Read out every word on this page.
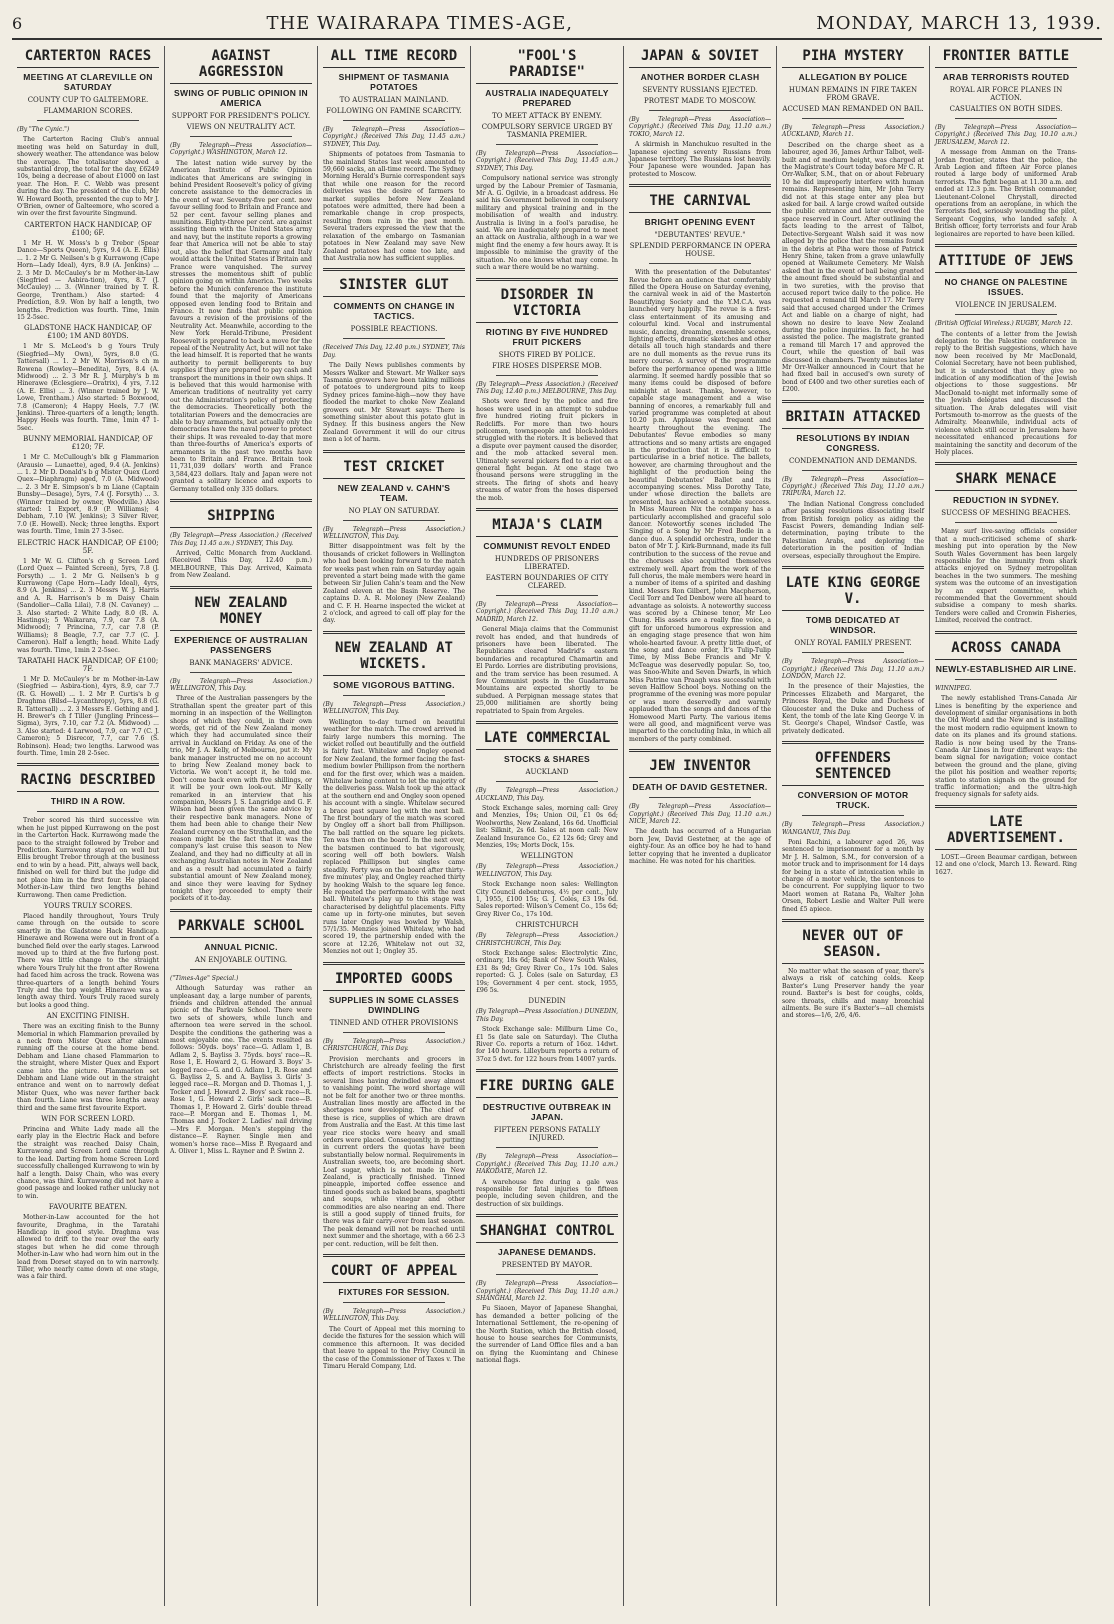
6	THE WAIRARAPA TIMES-AGE,	MONDAY, MARCH 13, 1939.
CARTERTON RACES
MEETING AT CLAREVILLE ON SATURDAY
COUNTY CUP TO GALTEEMORE.
FLAMMARION SCORES.
(By "The Cynic.")

The Carterton Racing Club's annual meeting was held on Saturday in dull, showery weather. The attendance was below the average. The totalisator showed a substantial drop, the total for the day, £6249 10s, being a decrease of about £1000 on last year. The Hon. F. C. Webb was present during the day. The president of the club, Mr W. Howard Booth, presented the cup to Mr J. O'Brien, owner of Galteemore, who scored a win over the first favourite Singmund.

CARTERTON HACK HANDICAP, OF £100; 6F.

1 Mr H. W. Moss's b g Trebor (Spear Dance—Sports Queen), 5yrs, 9.4 (A. E. Ellis) ... 1. 2 Mr G. Neilsen's b g Kurrawong (Cape Horn—Lady Ideal), 4yrs, 8.9 (A. Jenkins) ... 2. 3 Mr D. McCauley's br m Mother-in-Law (Siegfried — Asbira-tion), 4yrs, 8.7 (J. McCauley) ... 3. (Winner trained by T. R. George, Trentham.) Also started: 4 Prediction, 8.9. Won by half a length, two lengths. Prediction was fourth. Time, 1min 15 2-5sec.

GLADSTONE HACK HANDICAP, OF £100; 1M AND 80YDS.

1 Mr S. McLeod's b g Yours Truly (Siegfried—My Own), 5yrs, 8.0 (G. Tattersall) ... 1. 2 Mr W. Morrison's ch m Rowena (Rowley—Benedita), 5yrs, 8.4 (A. Midwood) ... 2. 3 Mr R. J. Murphy's b m Hinerawe (Eclesgiere—Oratrix), 4 yrs, 7.12 (A. E. Ellis) ... 3. (Winner trained by J. W. Lowe, Trentham.) Also started: 5 Boxwood, 7.8 (Cameron); 4 Happy Heels, 7.7 (W. Jenkins). Three-quarters of a length; length. Happy Heels was fourth. Time, 1min 47 1-5sec.

BUNNY MEMORIAL HANDICAP, OF £120; 7F.

1 Mr C. McCullough's blk g Flammarion (Arausio — Lunaette), aged, 9.4 (A. Jenkins) ... 1. 2 Mr D. Donald's b g Mister Quex (Lord Quex—Diaphragm) aged, 7.0 (A. Midwood) ... 2. 3 Mr E. Simpson's b m Liane (Captain Bunsby—Desage), 5yrs, 7.4 (J. Forsyth) ... 3. (Winner trained by owner, Woodville.) Also started: 1 Export, 8.9 (P. Williams); 4 Debham, 7.10 (W. Jenkins); 3 Silver River, 7.0 (E. Howell). Neck; three lengths. Export was fourth. Time, 1min 27 3-5sec.

ELECTRIC HACK HANDICAP, OF £100; 5F.

1 Mr W. G. Clifton's ch g Screen Lord (Lord Quex — Painted Screen), 5yrs, 7.8 (J. Forsyth) ... 1. 2 Mr G. Neilsen's b g Kurrawong (Cape Horn—Lady Ideal), 4yrs, 8.9 (A. Jenkins) ... 2. 3 Messrs W. J. Harris and A. R. Harrison's b m Daisy Chain (Sandolier—Calla Lilai), 7.8 (N. Cavaney) ... 3. Also started: 2 White Lady, 8.0 (R. A. Hastings); 5 Waikarara, 7.9, car 7.8 (A. Midwood); 7 Princina, 7.7, car 7.8 (P. Williams); 8 Beagle, 7.7, car 7.7 (C. J. Cameron). Half a length; head. White Lady was fourth. Time, 1min 2 2-5sec.

TARATAHI HACK HANDICAP, OF £100; 7F.

1 Mr D. McCauley's br m Mother-in-Law (Siegfried — Asbira-tion), 4yrs, 8.9, car 7.7 (R. G. Howell) ... 1. 2 Mr P. Curtis's b g Draghma (Bilsd—Lycanthropy), 5yrs, 8.8 (G. R. Tattersall) ... 2. 3 Messrs E. Gething and J. H. Brewer's ch f Tiller (Jungling Princess—Sigma), 3yrs, 7.10, car 7.2 (A. Midwood) ... 3. Also started: 4 Larwood, 7.9, car 7.7 (C. J. Cameron); 5 Disrecor, 7.7, car 7.6 (S. Robinson). Head; two lengths. Larwood was fourth. Time, 1min 28 2-5sec.

RACING DESCRIBED
THIRD IN A ROW.

Trebor scored his third successive win when he just pipped Kurrawong on the post in the Carterton Hack. Kurrawong made the pace to the straight followed by Trebor and Prediction. Kurrawong stayed on well but Ellis brought Trebor through at the business end to win by a head. Pitt, always well back, finished on well for third but the judge did not place him in the first four. He placed Mother-in-Law third two lengths behind Kurrawong. Then came Prediction.

YOURS TRULY SCORES.

Placed handily throughout, Yours Truly came through on the outside to score smartly in the Gladstone Hack Handicap. Hinerawe and Rowena were out in front of a bunched field over the early stages. Larwood moved up to third at the five furlong post. There was little change to the straight where Yours Truly hit the front after Rowena had faced him across the track. Rowena was three-quarters of a length behind Yours Truly and the top weight Hinerawe was a length away third. Yours Truly raced surely but looks a good thing.

AN EXCITING FINISH.

There was an exciting finish to the Bunny Memorial in which Flammarion prevailed by a neck from Mister Quex after almost running off the course at the home bend. Debham and Liane chased Flammarion to the straight, where Mister Quex and Export came into the picture. Flammarion set Debham and Liane wide out in the straight entrance and went on to narrowly defeat Mister Quex, who was never farther back than fourth. Liane was three lengths away third and the same first favourite Export.

WIN FOR SCREEN LORD.

Princina and White Lady made all the early play in the Electric Hack and before the straight was reached Daisy Chain, Kurrawong and Screen Lord came through to the lead. Darting from home Screen Lord successfully challenged Kurrawong to win by half a length. Daisy Chain, who was every chance, was third. Kurrawong did not have a good passage and looked rather unlucky not to win.

FAVOURITE BEATEN.

Mother-in-Law accounted for the hot favourite, Draghma, in the Taratahi Handicap in good style. Draghma was allowed to drift to the rear over the early stages but when he did come through Mother-in-Law who had worn him out in the lead from Dorset stayed on to win narrowly. Tiller, who nearly came down at one stage, was a fair third.

AGAINST AGGRESSION
SWING OF PUBLIC OPINION IN AMERICA
SUPPORT FOR PRESIDENT'S POLICY.
VIEWS ON NEUTRALITY ACT.
(By Telegraph—Press Association—Copyright.) WASHINGTON, March 12.

The latest nation wide survey by the American Institute of Public Opinion indicates that Americans are swinging in behind President Roosevelt's policy of giving concrete assistance to the democracies in the event of war. Seventy-five per cent. now favour selling food to Britain and France and 52 per cent. favour selling planes and munitions. Eighty-three per cent. are against assisting them with the United States army and navy, but the institute reports a growing fear that America will not be able to stay out, also the belief that Germany and Italy would attack the United States if Britain and France were vanquished. The survey stresses the momentous shift of public opinion going on within America. Two weeks before the Munich conference the institute found that the majority of Americans opposed even lending food to Britain and France. It now finds that public opinion favours a revision of the provisions of the Neutrality Act. Meanwhile, according to the New York Herald-Tribune, President Roosevelt is prepared to back a move for the repeal of the Neutrality Act, but will not take the lead himself. It is reported that he wants authority to permit belligerents to buy supplies if they are prepared to pay cash and transport the munitions in their own ships. It is believed that this would harmonise with American traditions of neutrality yet carry out the Administration's policy of protecting the democracies. Theoretically both the totalitarian Powers and the democracies are able to buy armaments, but actually only the democracies have the naval power to protect their ships. It was revealed to-day that more than three-fourths of America's exports of armaments in the past two months have been to Britain and France. Britain took 11,731,039 dollars' worth and France 3,584,423 dollars. Italy and Japan were not granted a solitary licence and exports to Germany totalled only 335 dollars.

SHIPPING
(By Telegraph—Press Association.) (Received This Day, 11.45 a.m.) SYDNEY, This Day.

Arrived, Celtic Monarch from Auckland. (Received This Day, 12.40 p.m.) MELBOURNE, This Day. Arrived, Kaimata from New Zealand.

NEW ZEALAND MONEY
EXPERIENCE OF AUSTRALIAN PASSENGERS
BANK MANAGERS' ADVICE.
(By Telegraph—Press Association.) WELLINGTON, This Day.

Three of the Australian passengers by the Strathallan spent the greater part of this morning in an inspection of the Wellington shops of which they could, in their own words, get rid of the New Zealand money which they had accumulated since their arrival in Auckland on Friday. As one of the trio, Mr J. A. Kelly, of Melbourne, put it: My bank manager instructed me on no account to bring New Zealand money back to Victoria. We won't accept it, he told me. Don't come back even with five shillings, or it will be your own look-out. Mr Kelly remarked in an interview that his companion, Messrs J. S. Langridge and G. F. Wilson had been given the same advice by their respective bank managers. None of them had been able to change their New Zealand currency on the Strathallan, and the reason might be the fact that it was the company's last cruise this season to New Zealand, and they had no difficulty at all in exchanging Australian notes in New Zealand and as a result had accumulated a fairly substantial amount of New Zealand money, and since they were leaving for Sydney tonight they proceeded to empty their pockets of it to-day.

PARKVALE SCHOOL
ANNUAL PICNIC.
AN ENJOYABLE OUTING.
("Times-Age" Special.)

Although Saturday was rather an unpleasant day, a large number of parents, friends and children attended the annual picnic of the Parkvale School. There were two sets of showers, while lunch and afternoon tea were served in the school. Despite the conditions the gathering was a most enjoyable one. The events resulted as follows: 50yds. boys' race—G. Adlam 1, B. Adlam 2, S. Bayliss 3. 75yds. boys' race—R. Rose 1, E. Howard 2, G. Howard 3. Boys' 3-legged race—G. and G. Adlam 1, R. Rose and G. Bayliss 2, S. and A. Bayliss 3. Girls' 3-legged race—R. Morgan and D. Thomas 1, J. Tocker and J. Howard 2. Boys' sack race—R. Rose 1, G. Howard 2. Girls' sack race—B. Thomas 1, P. Howard 2. Girls' double thread race—P. Morgan and E. Thomas 1, M. Thomas and J. Tocker 2. Ladies' nail driving—Mrs F. Morgan. Men's stepping the distance—F. Rayner. Single men and women's horse race—Miss P. Ryegaard and A. Oliver 1, Miss L. Rayner and P. Swinn 2.

ALL TIME RECORD
SHIPMENT OF TASMANIA POTATOES
TO AUSTRALIAN MAINLAND.
FOLLOWING ON FAMINE SCARCITY.
(By Telegraph—Press Association—Copyright.) (Received This Day, 11.45 a.m.) SYDNEY, This Day.

Shipments of potatoes from Tasmania to the mainland States last week amounted to 59,660 sacks, an all-time record. The Sydney Morning Herald's Burnie correspondent says that while one reason for the record deliveries was the desire of farmers to market supplies before New Zealand potatoes were admitted, there had been a remarkable change in crop prospects, resulting from rain in the past month. Several traders expressed the view that the relaxation of the embargo on Tasmanian potatoes in New Zealand may save New Zealand potatoes had come too late, and that Australia now has sufficient supplies.

SINISTER GLUT
COMMENTS ON CHANGE IN TACTICS.
POSSIBLE REACTIONS.
(Received This Day, 12.40 p.m.) SYDNEY, This Day.

The Daily News publishes comments by Messrs Walker and Stewart. Mr Walker says Tasmania growers have been taking millions of potatoes to underground pits to keep Sydney prices famine-high—now they have flooded the market to choke New Zealand growers out. Mr Stewart says: There is something sinister about this potato glut in Sydney. If this business angers the New Zealand Government it will do our citrus men a lot of harm.

TEST CRICKET
NEW ZEALAND v. CAHN'S TEAM.
NO PLAY ON SATURDAY.
(By Telegraph—Press Association.) WELLINGTON, This Day.

Bitter disappointment was felt by the thousands of cricket followers in Wellington who had been looking forward to the match for weeks past when rain on Saturday again prevented a start being made with the game between Sir Julien Cahn's team and the New Zealand eleven at the Basin Reserve. The captains D. A. R. Moloney (New Zealand) and C. F. H. Hearne inspected the wicket at 2 o'clock, and agreed to call off play for the day.

NEW ZEALAND AT WICKETS.
SOME VIGOROUS BATTING.
(By Telegraph—Press Association.) WELLINGTON, This Day.

Wellington to-day turned on beautiful weather for the match. The crowd arrived in fairly large numbers this morning. The wicket rolled out beautifully and the outfield is fairly fast. Whitelaw and Ongley opened for New Zealand, the former facing the fast-medium bowler Phillipson from the northern end for the first over, which was a maiden. Whitelaw being content to let the majority of the deliveries pass. Walsh took up the attack at the southern end and Ongley soon opened his account with a single. Whitelaw secured a brace past square leg with the next ball. The first boundary of the match was scored by Ongley off a short ball from Phillipson. The ball rattled on the square leg pickets. Ten was then on the board. In the next over, the batsmen continued to bat vigorously, scoring well off both bowlers. Walsh replaced Phillipson but singles came steadily. Forty was on the board after thirty-five minutes' play, and Ongley reached thirty by hooking Walsh to the square leg fence. He repeated the performance with the next ball. Whitelaw's play up to this stage was characterised by delightful placements. Fifty came up in forty-one minutes, but seven runs later Ongley was bowled by Walsh, 57/1/35. Menzies joined Whitelaw, who had scored 19, the partnership ended with the score at 12.26, Whitelaw not out 32, Menzies not out 1; Ongley 35.

IMPORTED GOODS
SUPPLIES IN SOME CLASSES DWINDLING
TINNED AND OTHER PROVISIONS
(By Telegraph—Press Association.) CHRISTCHURCH, This Day.

Provision merchants and grocers in Christchurch are already feeling the first effects of import restrictions. Stocks in several lines having dwindled away almost to vanishing point. The word shortage will not be felt for another two or three months. Australian lines mostly are affected in the shortages now developing. The chief of these is rice, supplies of which are drawn from Australia and the East. At this time last year rice stocks were heavy and small orders were placed. Consequently, in putting in current orders the quotas have been substantially below normal. Requirements in Australian sweets, too, are becoming short. Loaf sugar, which is not made in New Zealand, is practically finished. Tinned pineapple, imported coffee essence and tinned goods such as baked beans, spaghetti and soups, while vinegar and other commodities are also nearing an end. There is still a good supply of tinned fruits, for there was a fair carry-over from last season. The peak demand will not be reached until next summer and the shortage, with a 66 2-3 per cent. reduction, will be felt then.

COURT OF APPEAL
FIXTURES FOR SESSION.
(By Telegraph—Press Association.) WELLINGTON, This Day.

The Court of Appeal met this morning to decide the fixtures for the session which will commence this afternoon. It was decided that leave to appeal to the Privy Council in the case of the Commissioner of Taxes v. The Timaru Herald Company, Ltd.

"FOOL'S PARADISE"
AUSTRALIA INADEQUATELY PREPARED
TO MEET ATTACK BY ENEMY.
COMPULSORY SERVICE URGED BY TASMANIA PREMIER.
(By Telegraph—Press Association—Copyright.) (Received This Day, 11.45 a.m.) SYDNEY, This Day.

Compulsory national service was strongly urged by the Labour Premier of Tasmania, Mr A. G. Ogilvie, in a broadcast address. He said his Government believed in compulsory military and physical training and in the mobilisation of wealth and industry. Australia is living in a fool's paradise, he said. We are inadequately prepared to meet an attack on Australia, although in a war we might find the enemy a few hours away. It is impossible to minimise the gravity of the situation. No one knows what may come. In such a war there would be no warning.

DISORDER IN VICTORIA
RIOTING BY FIVE HUNDRED FRUIT PICKERS
SHOTS FIRED BY POLICE.
FIRE HOSES DISPERSE MOB.
(By Telegraph—Press Association.) (Received This Day, 12.40 p.m.) MELBOURNE, This Day.

Shots were fired by the police and fire hoses were used in an attempt to subdue five hundred rioting fruit pickers in Redcliffs. For more than two hours policemen, townspeople and block-holders struggled with the rioters. It is believed that a dispute over payment caused the disorder, and the mob attacked several men. Ultimately several pickers fled to a riot on a general fight began. At one stage two thousand persons were struggling in the streets. The firing of shots and heavy streams of water from the hoses dispersed the mob.

MIAJA'S CLAIM
COMMUNIST REVOLT ENDED
HUNDREDS OF PRISONERS LIBERATED.
EASTERN BOUNDARIES OF CITY CLEARED.
(By Telegraph—Press Association—Copyright.) (Received This Day, 11.10 a.m.) MADRID, March 12.

General Miaja claims that the Communist revolt has ended, and that hundreds of prisoners have been liberated. The Republicans cleared Madrid's eastern boundaries and recaptured Chamartin and El Pardo. Lorries are distributing provisions, and the tram service has been resumed. A few Communist posts in the Guadarrama Mountains are expected shortly to be subdued. A Perpignan message states that 25,000 militiamen are shortly being repatriated to Spain from Argeles.

LATE COMMERCIAL
STOCKS & SHARES
AUCKLAND
(By Telegraph—Press Association.) AUCKLAND, This Day.

Stock Exchange sales, morning call: Grey and Menzies, 19s; Union Oil, £1 0s 6d; Woolworths, New Zealand, 16s 6d. Unofficial list: Silknit, 2s 6d. Sales at noon call: New Zealand Insurance Co., £2 12s 6d; Grey and Menzies, 19s; Morts Dock, 15s.

WELLINGTON
(By Telegraph—Press Association.) WELLINGTON, This Day.

Stock Exchange noon sales: Wellington City Council debentures, 4½ per cent., July 1, 1955, £100 15s; G. J. Coles, £3 19s 6d. Sales reported: Wilson's Cement Co., 15s 6d; Grey River Co., 17s 10d.

CHRISTCHURCH
(By Telegraph—Press Association.) CHRISTCHURCH, This Day.

Stock Exchange sales: Electrolytic Zinc, ordinary, 18s 6d; Bank of New South Wales, £31 8s 9d; Grey River Co., 17s 10d. Sales reported: G. J. Coles (sale on Saturday, £3 19s; Government 4 per cent. stock, 1955, £96 5s.

DUNEDIN
(By Telegraph—Press Association.) DUNEDIN, This Day.

Stock Exchange sale: Millburn Lime Co., £1 5s (late sale on Saturday). The Clutha River Co. reports a return of 16oz. 14dwt. for 140 hours. Lilleyburn reports a return of 37oz 5 dwt. for 122 hours from 14007 yards.

FIRE DURING GALE
DESTRUCTIVE OUTBREAK IN JAPAN.
FIFTEEN PERSONS FATALLY INJURED.
(By Telegraph—Press Association—Copyright.) (Received This Day, 11.10 a.m.) HAKODATE, March 12.

A warehouse fire during a gale was responsible for fatal injuries to fifteen people, including seven children, and the destruction of six buildings.

SHANGHAI CONTROL
JAPANESE DEMANDS.
PRESENTED BY MAYOR.
(By Telegraph—Press Association—Copyright.) (Received This Day, 11.10 a.m.) SHANGHAI, March 12.

Fu Siaoen, Mayor of Japanese Shanghai, has demanded a better policing of the International Settlement, the re-opening of the North Station, which the British closed, house to house searches for Communists, the surrender of Land Office files and a ban on flying the Kuomintang and Chinese national flags.

JAPAN & SOVIET
ANOTHER BORDER CLASH
SEVENTY RUSSIANS EJECTED.
PROTEST MADE TO MOSCOW.
(By Telegraph—Press Association—Copyright.) (Received This Day, 11.10 a.m.) TOKIO, March 12.

A skirmish in Manchukuo resulted in the Japanese ejecting seventy Russians from Japanese territory. The Russians lost heavily. Four Japanese were wounded. Japan has protested to Moscow.

THE CARNIVAL
BRIGHT OPENING EVENT
"DEBUTANTES' REVUE."
SPLENDID PERFORMANCE IN OPERA HOUSE.

With the presentation of the Debutantes' Revue before an audience that comfortably filled the Opera House on Saturday evening, the carnival week in aid of the Masterton Beautifying Society and the Y.M.C.A. was launched very happily. The revue is a first-class entertainment of its amusing and colourful kind. Vocal and instrumental music, dancing, dreaming, ensemble scenes, lighting effects, dramatic sketches and other details all touch high standards and there are no dull moments as the revue runs its merry course. A survey of the programme before the performance opened was a little alarming. It seemed hardly possible that so many items could be disposed of before midnight at least. Thanks, however, to capable stage management and a wise banning of encores, a remarkably full and varied programme was completed at about 10.20 p.m. Applause was frequent and hearty throughout the evening. The Debutantes' Revue embodies so many attractions and so many artists are engaged in the production that it is difficult to particularise in a brief notice. The ballets, however, are charming throughout and the highlight of the production being the beautiful Debutantes' Ballet and its accompanying scenes. Miss Dorothy Tate, under whose direction the ballets are presented, has achieved a notable success. In Miss Maureen Nix the company has a particularly accomplished and graceful solo dancer. Noteworthy scenes included The Singing of a Song by Mr Fred Bodle in a dance duo. A splendid orchestra, under the baton of Mr T. J. Kirk-Burnnand, made its full contribution to the success of the revue and the choruses also acquitted themselves extremely well. Apart from the work of the full chorus, the male members were heard in a number of items of a spirited and dashing kind. Messrs Ron Gilbert, John Macpherson, Cecil Torr and Ted Denbow were all heard to advantage as soloists. A noteworthy success was scored by a Chinese tenor, Mr Leo Chung. His assets are a really fine voice, a gift for unforced humorous expression and an engaging stage presence that won him whole-hearted favour. A pretty little duet, of the song and dance order, It's Tulip-Tulip Time, by Miss Bebe Francis and Mr V. McTeague was deservedly popular. So, too, was Snoo-White and Seven Dwarfs, in which Miss Patrine van Praagh was successful with seven Halflow School boys. Nothing on the programme of the evening was more popular or was more deservedly and warmly applauded than the songs and dances of the Homewood Marti Party. The various items were all good, and magnificent verve was imparted to the concluding Inka, in which all members of the party combined.

JEW INVENTOR
DEATH OF DAVID GESTETNER.
(By Telegraph—Press Association—Copyright.) (Received This Day, 11.10 a.m.) NICE, March 12.

The death has occurred of a Hungarian born Jew, David Gestetner, at the age of eighty-four. As an office boy he had to hand letter copying that he invented a duplicator machine. He was noted for his charities.

PIHA MYSTERY
ALLEGATION BY POLICE
HUMAN REMAINS IN FIRE TAKEN FROM GRAVE.
ACCUSED MAN REMANDED ON BAIL.
(By Telegraph—Press Association.) AUCKLAND, March 11.

Described on the charge sheet as a labourer, aged 36, James Arthur Talbot, well-built and of medium height, was charged at the Magistrate's Court today before Mr C. R. Orr-Walker, S.M., that on or about February 10 he did improperly interfere with human remains. Representing him, Mr John Terry did not at this stage enter any plea but asked for bail. A large crowd waited outside the public entrance and later crowded the space reserved in Court. After outlining the facts leading to the arrest of Talbot, Detective-Sergeant Walsh said it was now alleged by the police that the remains found in the debris at Piha were those of Patrick Henry Shine, taken from a grave unlawfully opened at Waikumete Cemetery. Mr Walsh asked that in the event of bail being granted the amount fixed should be substantial and in two sureties, with the proviso that accused report twice daily to the police. He requested a remand till March 17. Mr Terry said that accused charged under the Crimes Act and liable on a charge of night, had shown no desire to leave New Zealand during the police inquiries. In fact, he had assisted the police. The magistrate granted a remand till March 17 and approved the Court, while the question of bail was discussed in chambers. Twenty minutes later Mr Orr-Walker announced in Court that he had fixed bail in accused's own surety of bond of £400 and two other sureties each of £200.

BRITAIN ATTACKED
RESOLUTIONS BY INDIAN CONGRESS.
CONDEMNATION AND DEMANDS.
(By Telegraph—Press Association—Copyright.) (Received This Day, 11.10 a.m.) TRIPURA, March 12.

The Indian National Congress concluded after passing resolutions dissociating itself from British foreign policy as aiding the Fascist Powers, demanding Indian self-determination, paying tribute to the Palestinian Arabs, and deploring the deterioration in the position of Indian overseas, especially throughout the Empire.

LATE KING GEORGE V.
TOMB DEDICATED AT WINDSOR.
ONLY ROYAL FAMILY PRESENT.
(By Telegraph—Press Association—Copyright.) (Received This Day, 11.10 a.m.) LONDON, March 12.

In the presence of their Majesties, the Princesses Elizabeth and Margaret, the Princess Royal, the Duke and Duchess of Gloucester and the Duke and Duchess of Kent, the tomb of the late King George V. in St. George's Chapel, Windsor Castle, was privately dedicated.

OFFENDERS SENTENCED
CONVERSION OF MOTOR TRUCK.
(By Telegraph—Press Association.) WANGANUI, This Day.

Poni Rachini, a labourer aged 26, was sentenced to imprisonment for a month by Mr J. H. Salmon, S.M., for conversion of a motor truck and to imprisonment for 14 days for being in a state of intoxication while in charge of a motor vehicle, the sentences to be concurrent. For supplying liquor to two Maori women at Ratana Pa, Walter John Orsen, Robert Leslie and Walter Pull were fined £5 apiece.

NEVER OUT OF SEASON.

No matter what the season of year, there's always a risk of catching colds. Keep Baxter's Lung Preserver handy the year round. Baxter's is best for coughs, colds, sore throats, chills and many bronchial ailments. Be sure it's Baxter's—all chemists and stores—1/6, 2/6, 4/6.

FRONTIER BATTLE
ARAB TERRORISTS ROUTED
ROYAL AIR FORCE PLANES IN ACTION.
CASUALTIES ON BOTH SIDES.
(By Telegraph—Press Association—Copyright.) (Received This Day, 10.10 a.m.) JERUSALEM, March 12.

A message from Amman on the Trans-Jordan frontier, states that the police, the Arab Legion and fifteen Air Force planes routed a large body of uniformed Arab terrorists. The fight began at 11.30 a.m. and ended at 12.3 p.m. The British commander, Lieutenant-Colonel Chrystall, directed operations from an aeroplane, in which the Terrorists fled, seriously wounding the pilot, Sergeant Coggins, who landed safely. A British officer, forty terrorists and four Arab legionaires are reported to have been killed.

ATTITUDE OF JEWS
NO CHANGE ON PALESTINE ISSUES.
VIOLENCE IN JERUSALEM.
(British Official Wireless.) RUGBY, March 12.

The contents of a letter from the Jewish delegation to the Palestine conference in reply to the British suggestions, which have now been received by Mr MacDonald, Colonial Secretary, have not been published, but it is understood that they give no indication of any modification of the Jewish objections to those suggestions. Mr MacDonald to-night met informally some of the Jewish delegates and discussed the situation. The Arab delegates will visit Portsmouth to-morrow as the guests of the Admiralty. Meanwhile, individual acts of violence which still occur in Jerusalem have necessitated enhanced precautions for maintaining the sanctity and decorum of the Holy places.

SHARK MENACE
REDUCTION IN SYDNEY.
SUCCESS OF MESHING BEACHES.

Many surf live-saving officials consider that a much-criticised scheme of shark-meshing put into operation by the New South Wales Government has been largely responsible for the immunity from shark attacks enjoyed on Sydney metropolitan beaches in the two summers. The meshing system was the outcome of an investigation by an expert committee, which recommended that the Government should subsidise a company to mesh sharks. Tenders were called and Cronwin Fisheries, Limited, received the contract.

ACROSS CANADA
NEWLY-ESTABLISHED AIR LINE.
WINNIPEG.

The newly established Trans-Canada Air Lines is benefiting by the experience and development of similar organisations in both the Old World and the New and is installing the most modern radio equipment known to date on its planes and its ground stations. Radio is now being used by the Trans-Canada Air Lines in four different ways: the beam signal for navigation; voice contact between the ground and the plane, giving the pilot his position and weather reports; station to station signals on the ground for traffic information; and the ultra-high frequency signals for safety aids.

LATE ADVERTISEMENT.

LOST.—Green Beaumar cardigan, between 12 and one o'clock, March 13. Reward. Ring 1627.
